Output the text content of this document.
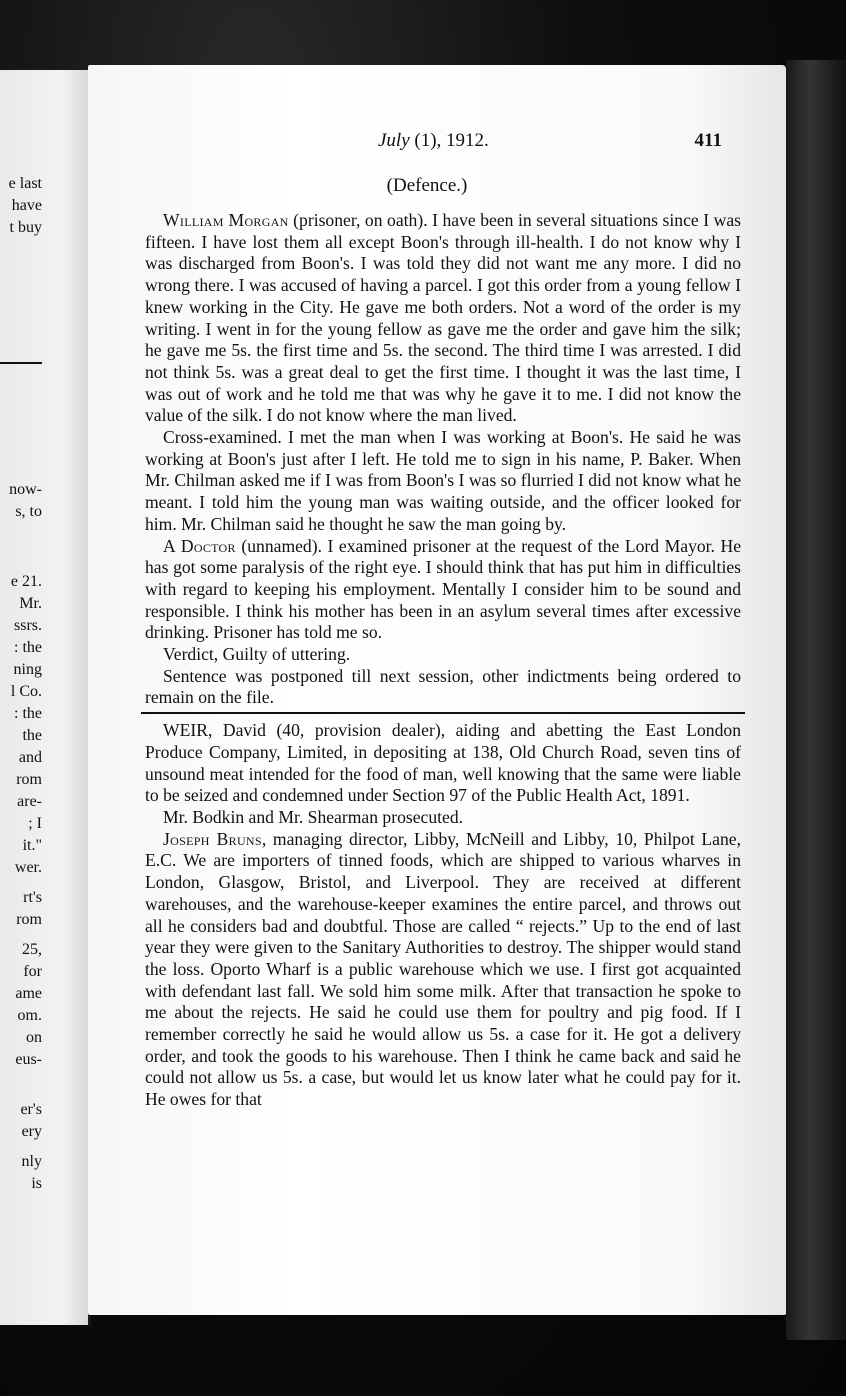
e last
have
t buy
now-
s, to
e 21.
Mr.
ssrs.
: the
ning
l Co.
: the
the
and
rom
are-
; I
it."
wer.
rt's
rom
25,
for
ame
om.
on
eus-
er's
ery
nly
is
July (1), 1912.	411
(Defence.)

William Morgan (prisoner, on oath). I have been in several situations since I was fifteen. I have lost them all except Boon's through ill-health. I do not know why I was discharged from Boon's. I was told they did not want me any more. I did no wrong there. I was accused of having a parcel. I got this order from a young fellow I knew working in the City. He gave me both orders. Not a word of the order is my writing. I went in for the young fellow as gave me the order and gave him the silk; he gave me 5s. the first time and 5s. the second. The third time I was arrested. I did not think 5s. was a great deal to get the first time. I thought it was the last time, I was out of work and he told me that was why he gave it to me. I did not know the value of the silk. I do not know where the man lived.

Cross-examined. I met the man when I was working at Boon's. He said he was working at Boon's just after I left. He told me to sign in his name, P. Baker. When Mr. Chilman asked me if I was from Boon's I was so flurried I did not know what he meant. I told him the young man was waiting outside, and the officer looked for him. Mr. Chilman said he thought he saw the man going by.

A Doctor (unnamed). I examined prisoner at the request of the Lord Mayor. He has got some paralysis of the right eye. I should think that has put him in difficulties with regard to keeping his employment. Mentally I consider him to be sound and responsible. I think his mother has been in an asylum several times after excessive drinking. Prisoner has told me so.

Verdict, Guilty of uttering.

Sentence was postponed till next session, other indictments being ordered to remain on the file.

WEIR, David (40, provision dealer), aiding and abetting the East London Produce Company, Limited, in depositing at 138, Old Church Road, seven tins of unsound meat intended for the food of man, well knowing that the same were liable to be seized and condemned under Section 97 of the Public Health Act, 1891.

Mr. Bodkin and Mr. Shearman prosecuted.

Joseph Bruns, managing director, Libby, McNeill and Libby, 10, Philpot Lane, E.C. We are importers of tinned foods, which are shipped to various wharves in London, Glasgow, Bristol, and Liverpool. They are received at different warehouses, and the warehouse-keeper examines the entire parcel, and throws out all he considers bad and doubtful. Those are called “ rejects.” Up to the end of last year they were given to the Sanitary Authorities to destroy. The shipper would stand the loss. Oporto Wharf is a public warehouse which we use. I first got acquainted with defendant last fall. We sold him some milk. After that transaction he spoke to me about the rejects. He said he could use them for poultry and pig food. If I remember correctly he said he would allow us 5s. a case for it. He got a delivery order, and took the goods to his warehouse. Then I think he came back and said he could not allow us 5s. a case, but would let us know later what he could pay for it. He owes for that
